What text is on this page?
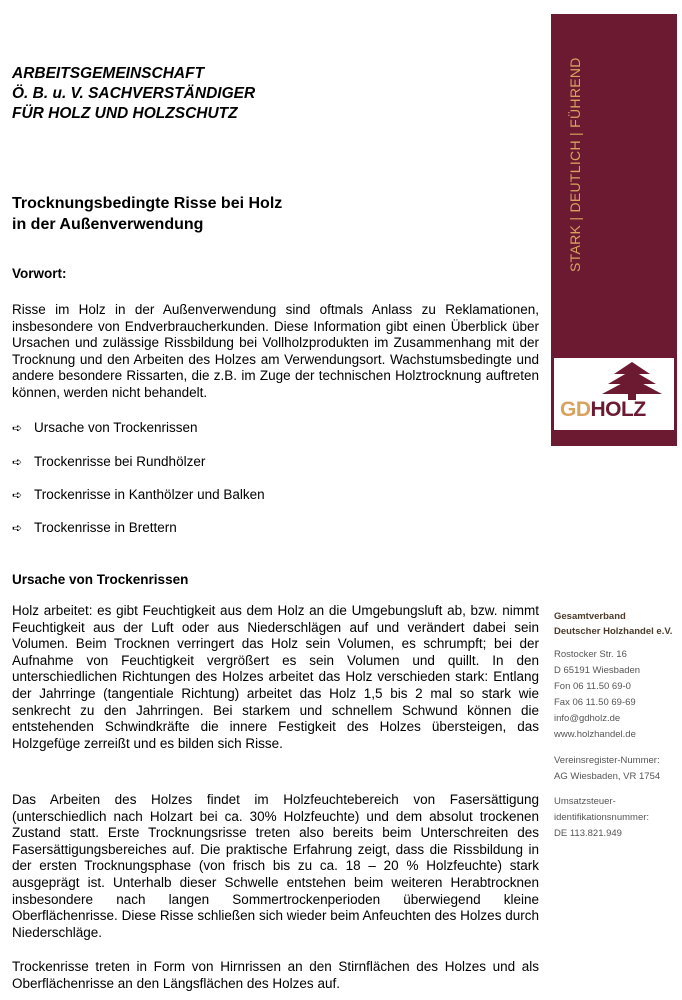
ARBEITSGEMEINSCHAFT
Ö. B. u. V. SACHVERSTÄNDIGER
FÜR HOLZ UND HOLZSCHUTZ
Trocknungsbedingte Risse bei Holz
in der Außenverwendung
Vorwort:
Risse im Holz in der Außenverwendung sind oftmals Anlass zu Reklamationen, insbesondere von Endverbraucherkunden. Diese Information gibt einen Überblick über Ursachen und zulässige Rissbildung bei Vollholzprodukten im Zusammenhang mit der Trocknung und den Arbeiten des Holzes am Verwendungsort. Wachstumsbedingte und andere besondere Rissarten, die z.B. im Zuge der technischen Holztrocknung auftreten können, werden nicht behandelt.
➪ Ursache von Trockenrissen
➪ Trockenrisse bei Rundhölzer
➪ Trockenrisse in Kanthölzer und Balken
➪ Trockenrisse in Brettern
Ursache von Trockenrissen
Holz arbeitet: es gibt Feuchtigkeit aus dem Holz an die Umgebungsluft ab, bzw. nimmt Feuchtigkeit aus der Luft oder aus Niederschlägen auf und verändert dabei sein Volumen. Beim Trocknen verringert das Holz sein Volumen, es schrumpft; bei der Aufnahme von Feuchtigkeit vergrößert es sein Volumen und quillt. In den unterschiedlichen Richtungen des Holzes arbeitet das Holz verschieden stark: Entlang der Jahrringe (tangentiale Richtung) arbeitet das Holz 1,5 bis 2 mal so stark wie senkrecht zu den Jahrringen. Bei starkem und schnellem Schwund können die entstehenden Schwindkräfte die innere Festigkeit des Holzes übersteigen, das Holzgefüge zerreißt und es bilden sich Risse.
Das Arbeiten des Holzes findet im Holzfeuchtebereich von Fasersättigung (unterschiedlich nach Holzart bei ca. 30% Holzfeuchte) und dem absolut trockenen Zustand statt. Erste Trocknungsrisse treten also bereits beim Unterschreiten des Fasersättigungsbereiches auf. Die praktische Erfahrung zeigt, dass die Rissbildung in der ersten Trocknungsphase (von frisch bis zu ca. 18 – 20 % Holzfeuchte) stark ausgeprägt ist. Unterhalb dieser Schwelle entstehen beim weiteren Herabtrocknen insbesondere nach langen Sommertrockenperioden überwiegend kleine Oberflächenrisse. Diese Risse schließen sich wieder beim Anfeuchten des Holzes durch Niederschläge.
Trockenrisse treten in Form von Hirnrissen an den Stirnflächen des Holzes und als Oberflächenrisse an den Längsflächen des Holzes auf.
STARK | DEUTLICH | FÜHREND
GDHOLZ
Gesamtverband
Deutscher Holzhandel e.V.
Rostocker Str. 16
D 65191 Wiesbaden
Fon 06 11.50 69-0
Fax 06 11.50 69-69
info@gdholz.de
www.holzhandel.de
Vereinsregister-Nummer:
AG Wiesbaden, VR 1754
Umsatzsteuer-
identifikationsnummer:
DE 113.821.949
